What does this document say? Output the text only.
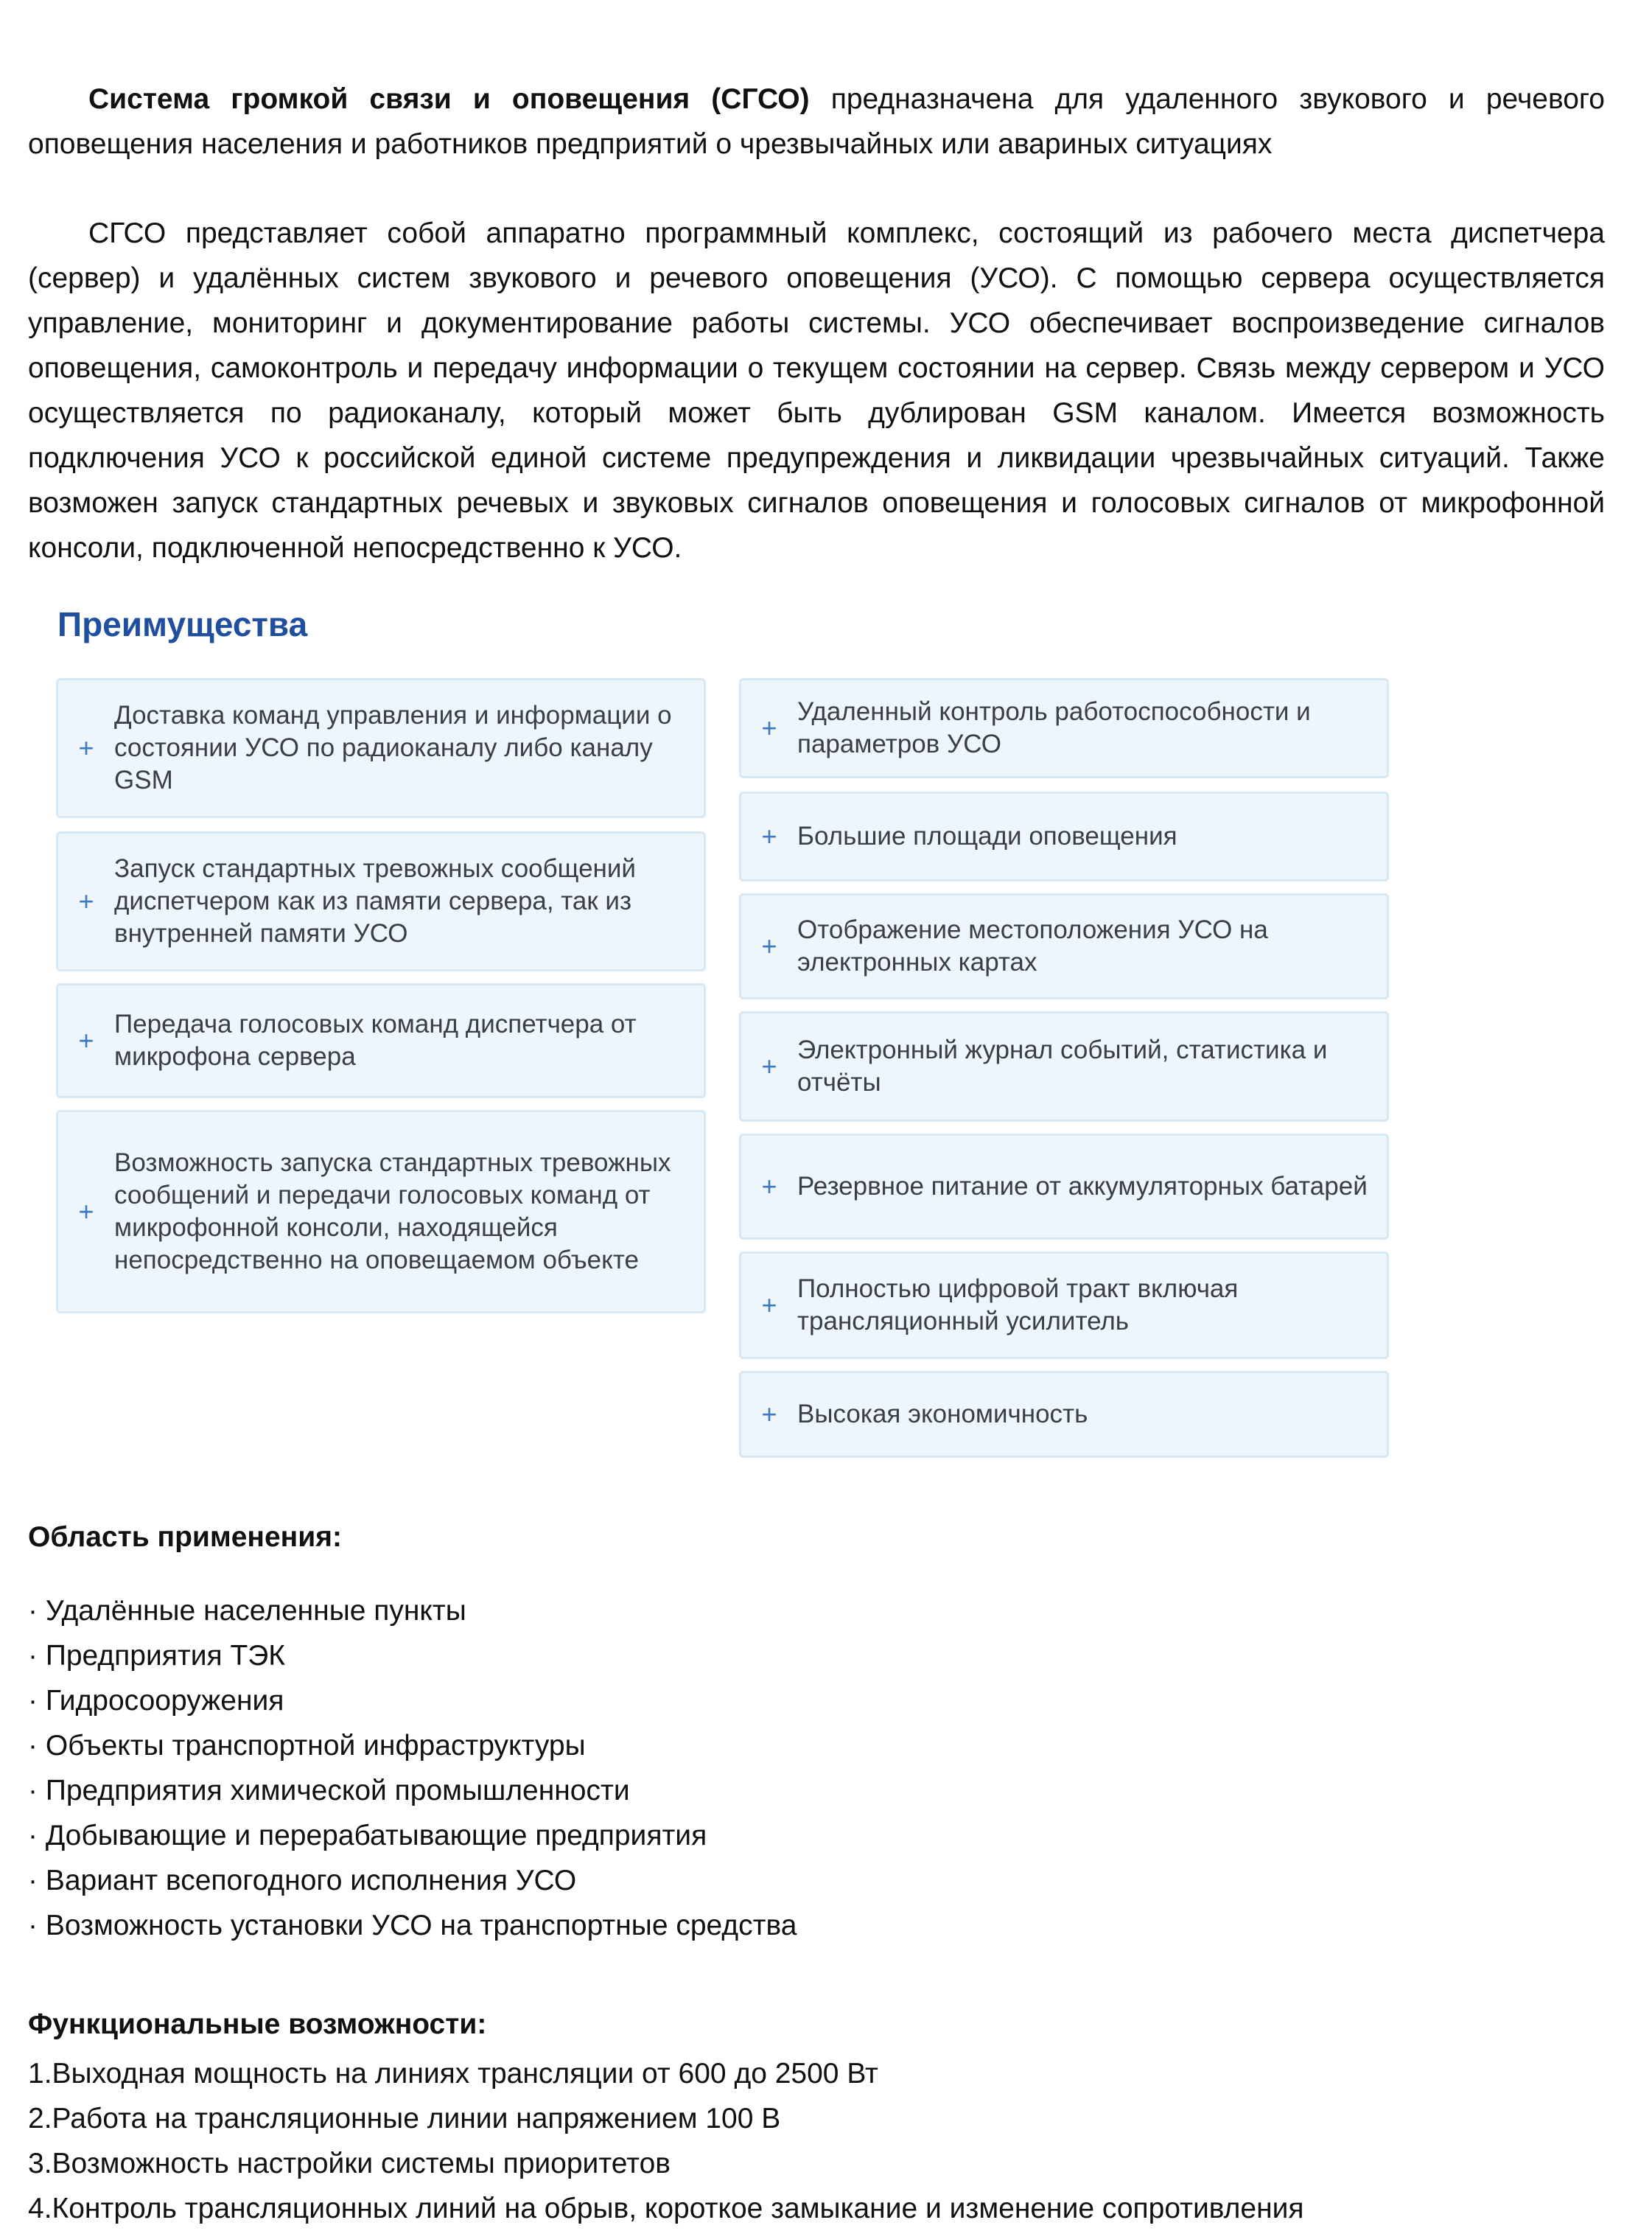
Система громкой связи и оповещения (СГСО) предназначена для удаленного звукового и речевого оповещения населения и работников предприятий о чрезвычайных или авариных ситуациях

СГСО представляет собой аппаратно программный комплекс, состоящий из рабочего места диспетчера (сервер) и удалённых систем звукового и речевого оповещения (УСО). С помощью сервера осуществляется управление, мониторинг и документирование работы системы. УСО обеспечивает воспроизведение сигналов оповещения, самоконтроль и передачу информации о текущем состоянии на сервер. Связь между сервером и УСО осуществляется по радиоканалу, который может быть дублирован GSM каналом. Имеется возможность подключения УСО к российской единой системе предупреждения и ликвидации чрезвычайных ситуаций. Также возможен запуск стандартных речевых и звуковых сигналов оповещения и голосовых сигналов от микрофонной консоли, подключенной непосредственно к УСО.

Преимущества
+
Доставка команд управления и информации о состоянии УСО по радиоканалу либо каналу GSM
+
Запуск стандартных тревожных сообщений диспетчером как из памяти сервера, так из внутренней памяти УСО
+
Передача голосовых команд диспетчера от микрофона сервера
+
Возможность запуска стандартных тревожных сообщений и передачи голосовых команд от микрофонной консоли, находящейся непосредственно на оповещаемом объекте
+
Удаленный контроль работоспособности и параметров УСО
+ Большие площади оповещения
+
Отображение местоположения УСО на электронных картах
+
Электронный журнал событий, статистика и отчёты
+ Резервное питание от аккумуляторных батарей
+
Полностью цифровой тракт включая трансляционный усилитель
+ Высокая экономичность
Область применения:
· Удалённые населенные пункты
· Предприятия ТЭК
· Гидросооружения
· Объекты транспортной инфраструктуры
· Предприятия химической промышленности
· Добывающие и перерабатывающие предприятия
· Вариант всепогодного исполнения УСО
· Возможность установки УСО на транспортные средства
Функциональные возможности:
1.Выходная мощность на линиях трансляции от 600 до 2500 Вт
2.Работа на трансляционные линии напряжением 100 В
3.Возможность настройки системы приоритетов
4.Контроль трансляционных линий на обрыв, короткое замыкание и изменение сопротивления
